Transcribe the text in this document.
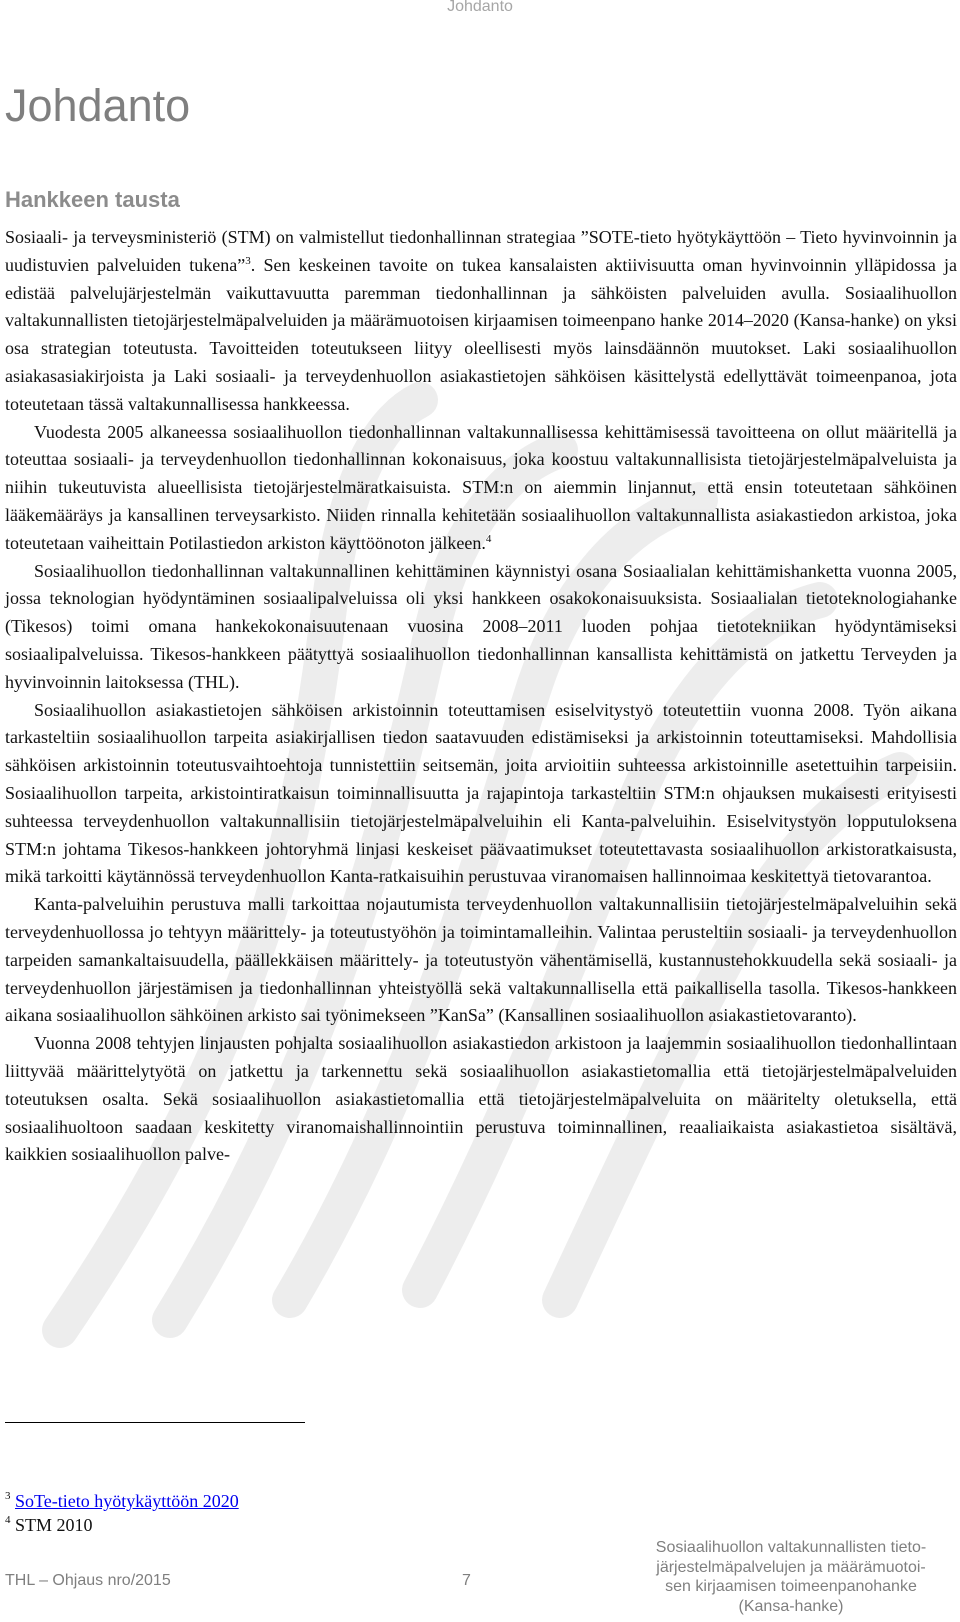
Johdanto
Johdanto
Hankkeen tausta

Sosiaali- ja terveysministeriö (STM) on valmistellut tiedonhallinnan strategiaa ”SOTE-tieto hyötykäyttöön – Tieto hyvinvoinnin ja uudistuvien palveluiden tukena”$^3$. Sen keskeinen tavoite on tukea kansalaisten aktiivisuutta oman hyvinvoinnin ylläpidossa ja edistää palvelujärjestelmän vaikuttavuutta paremman tiedonhallinnan ja sähköisten palveluiden avulla. Sosiaalihuollon valtakunnallisten tietojärjestelmäpalveluiden ja määrämuotoisen kirjaamisen toimeenpano hanke 2014–2020 (Kansa-hanke) on yksi osa strategian toteutusta. Tavoitteiden toteutukseen liityy oleellisesti myös lainsdäännön muutokset. Laki sosiaalihuollon asiakasasiakirjoista ja Laki sosiaali- ja terveydenhuollon asiakastietojen sähköisen käsittelystä edellyttävät toimeenpanoa, jota toteutetaan tässä valtakunnallisessa hankkeessa.

Vuodesta 2005 alkaneessa sosiaalihuollon tiedonhallinnan valtakunnallisessa kehittämisessä tavoitteena on ollut määritellä ja toteuttaa sosiaali- ja terveydenhuollon tiedonhallinnan kokonaisuus, joka koostuu valtakunnallisista tietojärjestelmäpalveluista ja niihin tukeutuvista alueellisista tietojärjestelmäratkaisuista. STM:n on aiemmin linjannut, että ensin toteutetaan sähköinen lääkemääräys ja kansallinen terveysarkisto. Niiden rinnalla kehitetään sosiaalihuollon valtakunnallista asiakastiedon arkistoa, joka toteutetaan vaiheittain Potilastiedon arkiston käyttöönoton jälkeen.$^4$

Sosiaalihuollon tiedonhallinnan valtakunnallinen kehittäminen käynnistyi osana Sosiaalialan kehittämishanketta vuonna 2005, jossa teknologian hyödyntäminen sosiaalipalveluissa oli yksi hankkeen osakokonaisuuksista. Sosiaalialan tietoteknologiahanke (Tikesos) toimi omana hankekokonaisuutenaan vuosina 2008–2011 luoden pohjaa tietotekniikan hyödyntämiseksi sosiaalipalveluissa. Tikesos-hankkeen päätyttyä sosiaalihuollon tiedonhallinnan kansallista kehittämistä on jatkettu Terveyden ja hyvinvoinnin laitoksessa (THL).

Sosiaalihuollon asiakastietojen sähköisen arkistoinnin toteuttamisen esiselvitystyö toteutettiin vuonna 2008. Työn aikana tarkasteltiin sosiaalihuollon tarpeita asiakirjallisen tiedon saatavuuden edistämiseksi ja arkistoinnin toteuttamiseksi. Mahdollisia sähköisen arkistoinnin toteutusvaihtoehtoja tunnistettiin seitsemän, joita arvioitiin suhteessa arkistoinnille asetettuihin tarpeisiin. Sosiaalihuollon tarpeita, arkistointiratkaisun toiminnallisuutta ja rajapintoja tarkasteltiin STM:n ohjauksen mukaisesti erityisesti suhteessa terveydenhuollon valtakunnallisiin tietojärjestelmäpalveluihin eli Kanta-palveluihin. Esiselvitystyön lopputuloksena STM:n johtama Tikesos-hankkeen johtoryhmä linjasi keskeiset päävaatimukset toteutettavasta sosiaalihuollon arkistoratkaisusta, mikä tarkoitti käytännössä terveydenhuollon Kanta-ratkaisuihin perustuvaa viranomaisen hallinnoimaa keskitettyä tietovarantoa.

Kanta-palveluihin perustuva malli tarkoittaa nojautumista terveydenhuollon valtakunnallisiin tietojärjestelmäpalveluihin sekä terveydenhuollossa jo tehtyyn määrittely- ja toteutustyöhön ja toimintamalleihin. Valintaa perusteltiin sosiaali- ja terveydenhuollon tarpeiden samankaltaisuudella, päällekkäisen määrittely- ja toteutustyön vähentämisellä, kustannustehokkuudella sekä sosiaali- ja terveydenhuollon järjestämisen ja tiedonhallinnan yhteistyöllä sekä valtakunnallisella että paikallisella tasolla. Tikesos-hankkeen aikana sosiaalihuollon sähköinen arkisto sai työnimekseen ”KanSa” (Kansallinen sosiaalihuollon asiakastietovaranto).

Vuonna 2008 tehtyjen linjausten pohjalta sosiaalihuollon asiakastiedon arkistoon ja laajemmin sosiaalihuollon tiedonhallintaan liittyvää määrittelytyötä on jatkettu ja tarkennettu sekä sosiaalihuollon asiakastietomallia että tietojärjestelmäpalveluiden toteutuksen osalta. Sekä sosiaalihuollon asiakastietomallia että tietojärjestelmäpalveluita on määritelty oletuksella, että sosiaalihuoltoon saadaan keskitetty viranomaishallinnointiin perustuva toiminnallinen, reaaliaikaista asiakastietoa sisältävä, kaikkien sosiaalihuollon palve-

$^3$ SoTe-tieto hyötykäyttöön 2020
$^4$ STM 2010
THL – Ohjaus nro/2015	7
Sosiaalihuollon valtakunnallisten tieto-
järjestelmäpalvelujen ja määrämuotoi-
sen kirjaamisen toimeenpanohanke
(Kansa-hanke)
